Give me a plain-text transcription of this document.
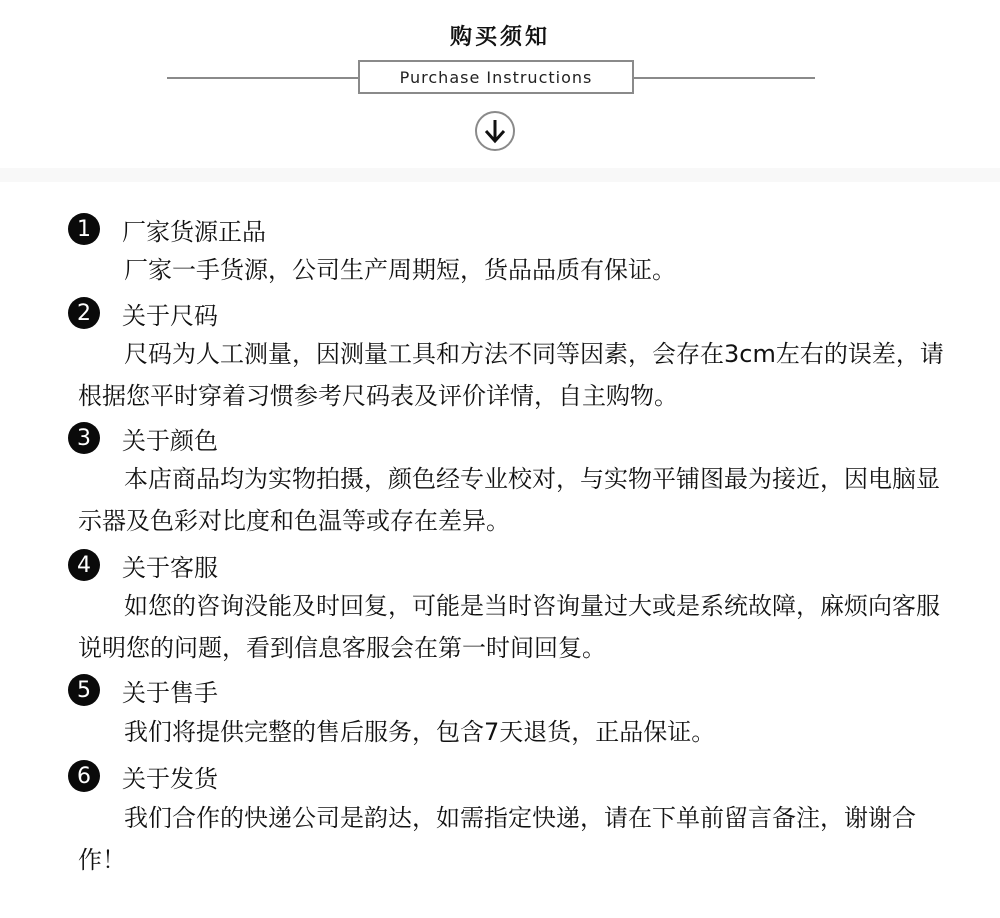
购买须知
Purchase Instructions
1	厂家货源正品

厂家一手货源，公司生产周期短，货品品质有保证。

2	关于尺码

尺码为人工测量，因测量工具和方法不同等因素，会存在3cm左右的误差，请根据您平时穿着习惯参考尺码表及评价详情，自主购物。

3	关于颜色

本店商品均为实物拍摄，颜色经专业校对，与实物平铺图最为接近，因电脑显示器及色彩对比度和色温等或存在差异。

4	关于客服

如您的咨询没能及时回复，可能是当时咨询量过大或是系统故障，麻烦向客服说明您的问题，看到信息客服会在第一时间回复。

5	关于售手

我们将提供完整的售后服务，包含7天退货，正品保证。

6	关于发货

我们合作的快递公司是韵达，如需指定快递，请在下单前留言备注，谢谢合作！
